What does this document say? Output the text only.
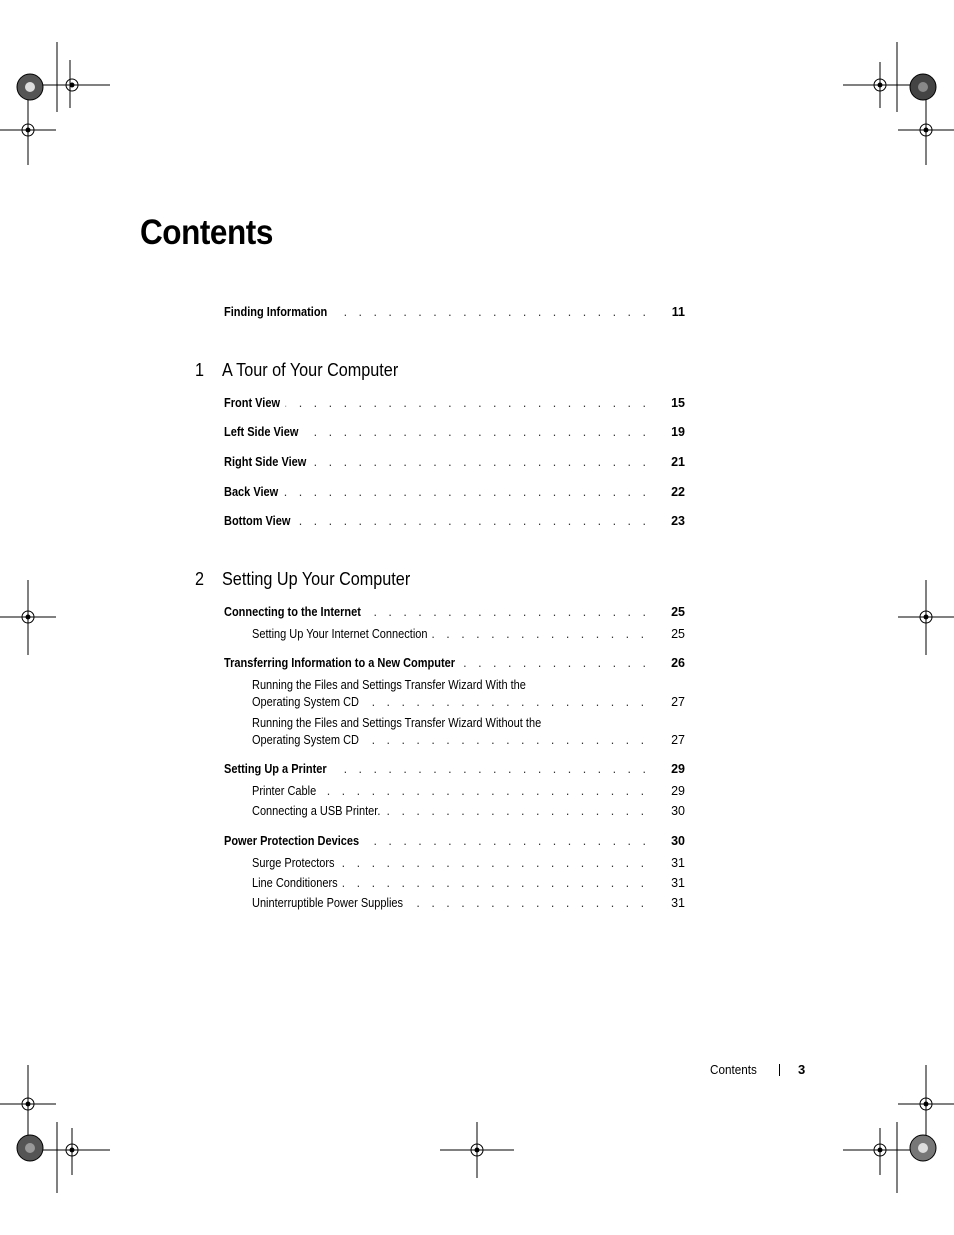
Contents
. . .
Finding Information	11
1 A Tour of Your Computer
. . .
Front View	15
. . .
Left Side View	19
. . .
Right Side View	21
. . .
Back View	22
. . .
Bottom View	23
2 Setting Up Your Computer
. . .
Connecting to the Internet	25
. . .
Setting Up Your Internet Connection	25
. . .
Transferring Information to a New Computer	26
Running the Files and Settings Transfer Wizard With the
. . .
Operating System CD	27
Running the Files and Settings Transfer Wizard Without the
. . .
Operating System CD	27
. . .
Setting Up a Printer	29
. . .
Printer Cable	29
. . .
Connecting a USB Printer.	30
. . .
Power Protection Devices	30
. . .
Surge Protectors	31
. . .
Line Conditioners	31
. . .
Uninterruptible Power Supplies	31
Contents	3
